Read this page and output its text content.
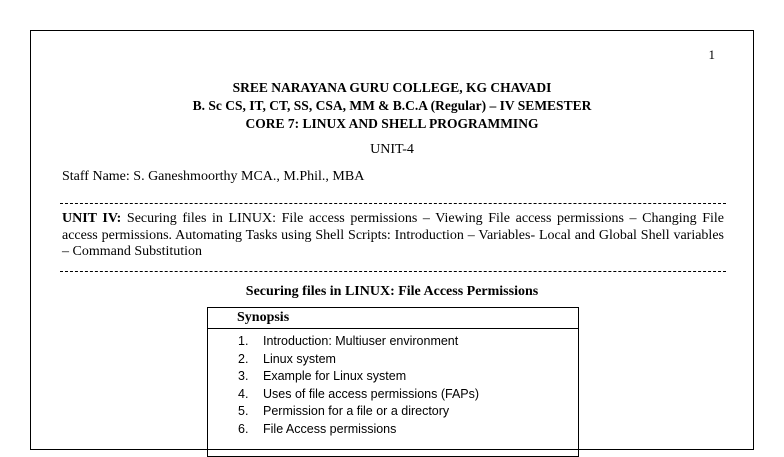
1
SREE NARAYANA GURU COLLEGE, KG CHAVADI
B. Sc CS, IT, CT, SS, CSA, MM & B.C.A (Regular) – IV SEMESTER
CORE 7: LINUX AND SHELL PROGRAMMING
UNIT-4
Staff Name: S. Ganeshmoorthy MCA., M.Phil., MBA
UNIT IV: Securing files in LINUX: File access permissions – Viewing File access permissions – Changing File access permissions. Automating Tasks using Shell Scripts: Introduction – Variables- Local and Global Shell variables – Command Substitution
Securing files in LINUX: File Access Permissions
Synopsis
1.	Introduction: Multiuser environment
2.	Linux system
3.	Example for Linux system
4.	Uses of file access permissions (FAPs)
5.	Permission for a file or a directory
6.	File Access permissions
